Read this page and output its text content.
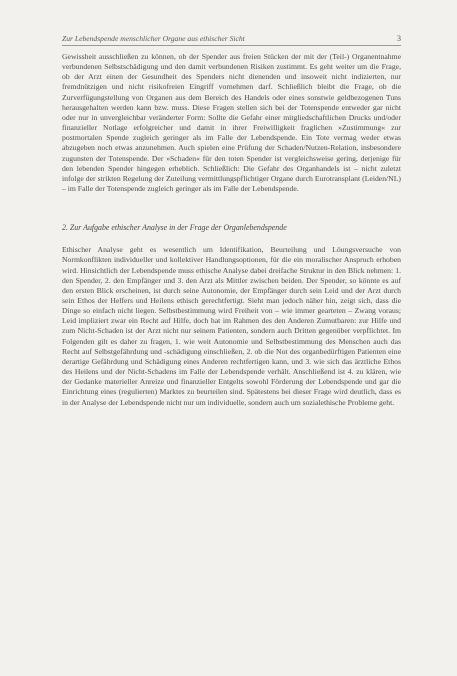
Zur Lebendspende menschlicher Organe aus ethischer Sicht	3

Gewissheit ausschließen zu können, ob der Spender aus freien Stücken der mit der (Teil-) Organentnahme verbundenen Selbstschädigung und den damit verbundenen Risiken zustimmt. Es geht weiter um die Frage, ob der Arzt einen der Gesundheit des Spenders nicht dienenden und insoweit nicht indizierten, nur fremdnützigen und nicht risikofreien Eingriff vornehmen darf. Schließlich bleibt die Frage, ob die Zurverfügungstellung von Organen aus dem Bereich des Handels oder eines sonstwie geldbezogenen Tuns herausgehalten werden kann bzw. muss. Diese Fragen stellen sich bei der Totenspende entweder gar nicht oder nur in unvergleichbar veränderter Form: Sollte die Gefahr einer mitgliedschaftlichen Drucks und/oder finanzieller Notlage erfolgreicher und damit in ihrer Freiwilligkeit fraglichen »Zustimmung« zur postmortalen Spende zugleich geringer als im Falle der Lebendspende. Ein Tote vermag weder etwas abzugeben noch etwas anzunehmen. Auch spielen eine Prüfung der Schaden/Nutzen-Relation, insbesondere zugunsten der Totenspende. Der »Schaden« für den toten Spender ist vergleichsweise gering, derjenige für den lebenden Spender hingegen erheblich. Schließlich: Die Gefahr des Organhandels ist – nicht zuletzt infolge der strikten Regelung der Zuteilung vermittlungspflichtiger Organe durch Eurotransplant (Leiden/NL) – im Falle der Totenspende zugleich geringer als im Falle der Lebendspende.

2. Zur Aufgabe ethischer Analyse in der Frage der Organlebendspende

Ethischer Analyse geht es wesentlich um Identifikation, Beurteilung und Löungsversuche von Normkonflikten individueller und kollektiver Handlungsoptionen, für die ein moralischer Anspruch erhoben wird. Hinsichtlich der Lebendspende muss ethische Analyse dabei dreifache Struktur in den Blick nehmen: 1. den Spender, 2. den Empfänger und 3. den Arzt als Mittler zwischen beiden. Der Spender, so könnte es auf den ersten Blick erscheinen, ist durch seine Autonomie, der Empfänger durch sein Leid und der Arzt durch sein Ethos der Helfers und Heilens ethisch gerechtfertigt. Sieht man jedoch näher hin, zeigt sich, dass die Dinge so einfach nicht liegen. Selbstbestimmung wird Freiheit von – wie immer gearteten – Zwang voraus; Leid impliziert zwar ein Recht auf Hilfe, doch hat im Rahmen des den Anderen Zumutbaren: zur Hilfe und zum Nicht-Schaden ist der Arzt nicht nur seinem Patienten, sondern auch Dritten gegenüber verpflichtet. Im Folgenden gilt es daher zu fragen, 1. wie weit Autonomie und Selbstbestimmung des Menschen auch das Recht auf Selbstgefährdung und -schädigung einschließen, 2. ob die Not des organbedürftigen Patienten eine derartige Gefährdung und Schädigung eines Anderen rechtfertigen kann, und 3. wie sich das ärztliche Ethos des Heilens und der Nicht-Schadens im Falle der Lebendspende verhält. Anschließend ist 4. zu klären, wie der Gedanke materieller Anreize und finanzieller Entgelts sowohl Förderung der Lebendspende und gar die Einrichtung eines (regulierten) Marktes zu beurteilen sind. Spätestens bei dieser Frage wird deutlich, dass es in der Analyse der Lebendspende nicht nur um individuelle, sondern auch um sozialethische Probleme geht.
